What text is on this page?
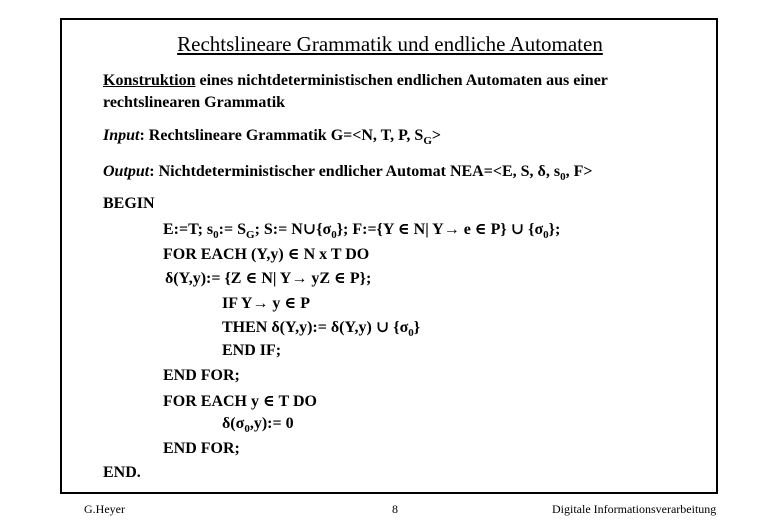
Rechtslineare Grammatik und endliche Automaten
Konstruktion eines nichtdeterministischen endlichen Automaten aus einer
rechtslinearen Grammatik
Input: Rechtslineare Grammatik G=<N, T, P, $S_G>$
Output: Nichtdeterministischer endlicher Automat NEA=<E, S, δ, $s_0$, F>
BEGIN
E:=T; $s_0:= S_G$; S:= $N\cup\{\sigma_0\}$; F:={Y ∈ N| Y→ e ∈ P} ∪ $\{\sigma_0\}$;
FOR EACH (Y,y) ∈ N x T DO
δ(Y,y):= {Z ∈ N| Y→ yZ ∈ P};
IF Y→ y ∈ P
THEN δ(Y,y):= δ(Y,y) ∪ $\{\sigma_0\}$
END IF;
END FOR;
FOR EACH y ∈ T DO
$\delta(\sigma_0,y):= 0$
END FOR;
END.
G.Heyer	8	Digitale Informationsverarbeitung
